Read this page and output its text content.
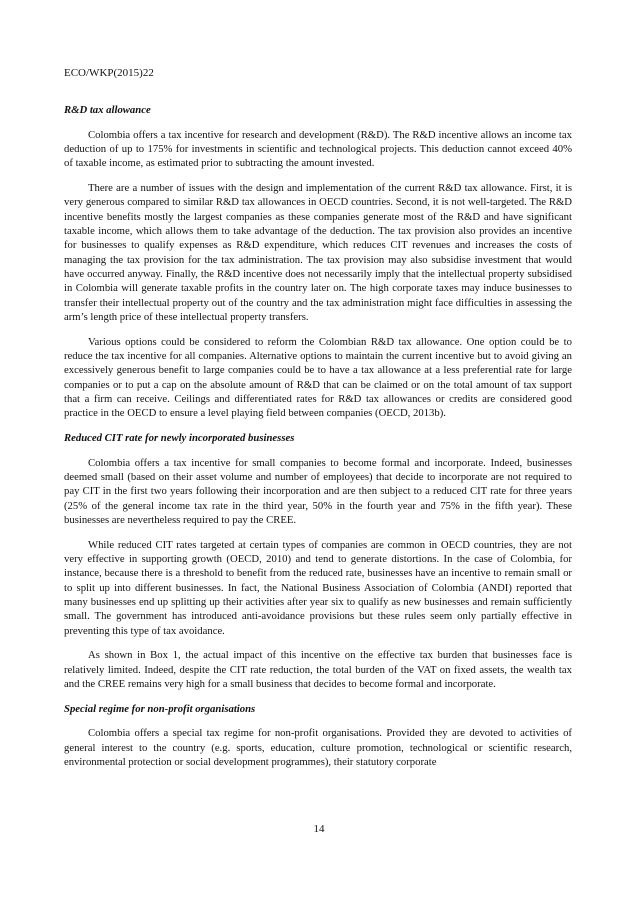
ECO/WKP(2015)22
R&D tax allowance

Colombia offers a tax incentive for research and development (R&D). The R&D incentive allows an income tax deduction of up to 175% for investments in scientific and technological projects. This deduction cannot exceed 40% of taxable income, as estimated prior to subtracting the amount invested.

There are a number of issues with the design and implementation of the current R&D tax allowance. First, it is very generous compared to similar R&D tax allowances in OECD countries. Second, it is not well-targeted. The R&D incentive benefits mostly the largest companies as these companies generate most of the R&D and have significant taxable income, which allows them to take advantage of the deduction. The tax provision also provides an incentive for businesses to qualify expenses as R&D expenditure, which reduces CIT revenues and increases the costs of managing the tax provision for the tax administration. The tax provision may also subsidise investment that would have occurred anyway. Finally, the R&D incentive does not necessarily imply that the intellectual property subsidised in Colombia will generate taxable profits in the country later on. The high corporate taxes may induce businesses to transfer their intellectual property out of the country and the tax administration might face difficulties in assessing the arm’s length price of these intellectual property transfers.

Various options could be considered to reform the Colombian R&D tax allowance. One option could be to reduce the tax incentive for all companies. Alternative options to maintain the current incentive but to avoid giving an excessively generous benefit to large companies could be to have a tax allowance at a less preferential rate for large companies or to put a cap on the absolute amount of R&D that can be claimed or on the total amount of tax support that a firm can receive. Ceilings and differentiated rates for R&D tax allowances or credits are considered good practice in the OECD to ensure a level playing field between companies (OECD, 2013b).

Reduced CIT rate for newly incorporated businesses

Colombia offers a tax incentive for small companies to become formal and incorporate. Indeed, businesses deemed small (based on their asset volume and number of employees) that decide to incorporate are not required to pay CIT in the first two years following their incorporation and are then subject to a reduced CIT rate for three years (25% of the general income tax rate in the third year, 50% in the fourth year and 75% in the fifth year). These businesses are nevertheless required to pay the CREE.

While reduced CIT rates targeted at certain types of companies are common in OECD countries, they are not very effective in supporting growth (OECD, 2010) and tend to generate distortions. In the case of Colombia, for instance, because there is a threshold to benefit from the reduced rate, businesses have an incentive to remain small or to split up into different businesses. In fact, the National Business Association of Colombia (ANDI) reported that many businesses end up splitting up their activities after year six to qualify as new businesses and remain sufficiently small. The government has introduced anti-avoidance provisions but these rules seem only partially effective in preventing this type of tax avoidance.

As shown in Box 1, the actual impact of this incentive on the effective tax burden that businesses face is relatively limited. Indeed, despite the CIT rate reduction, the total burden of the VAT on fixed assets, the wealth tax and the CREE remains very high for a small business that decides to become formal and incorporate.

Special regime for non-profit organisations

Colombia offers a special tax regime for non-profit organisations. Provided they are devoted to activities of general interest to the country (e.g. sports, education, culture promotion, technological or scientific research, environmental protection or social development programmes), their statutory corporate

14
